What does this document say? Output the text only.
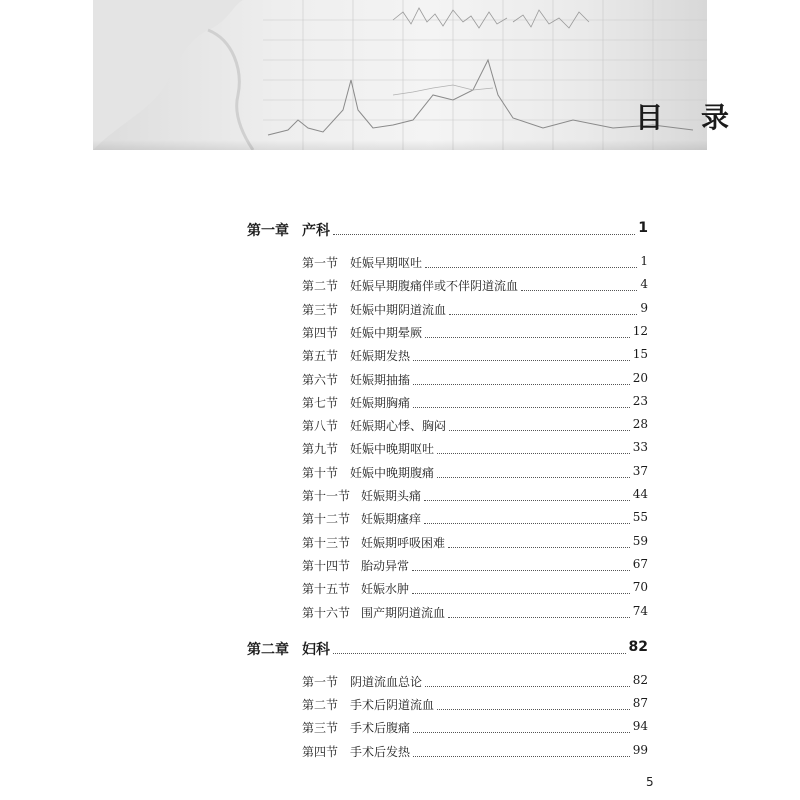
目 录
第一章 产科	1
第一节 妊娠早期呕吐	1
第二节 妊娠早期腹痛伴或不伴阴道流血	4
第三节 妊娠中期阴道流血	9
第四节 妊娠中期晕厥	12
第五节 妊娠期发热	15
第六节 妊娠期抽搐	20
第七节 妊娠期胸痛	23
第八节 妊娠期心悸、胸闷	28
第九节 妊娠中晚期呕吐	33
第十节 妊娠中晚期腹痛	37
第十一节 妊娠期头痛	44
第十二节 妊娠期瘙痒	55
第十三节 妊娠期呼吸困难	59
第十四节 胎动异常	67
第十五节 妊娠水肿	70
第十六节 围产期阴道流血	74
第二章 妇科	82
第一节 阴道流血总论	82
第二节 手术后阴道流血	87
第三节 手术后腹痛	94
第四节 手术后发热	99
5
